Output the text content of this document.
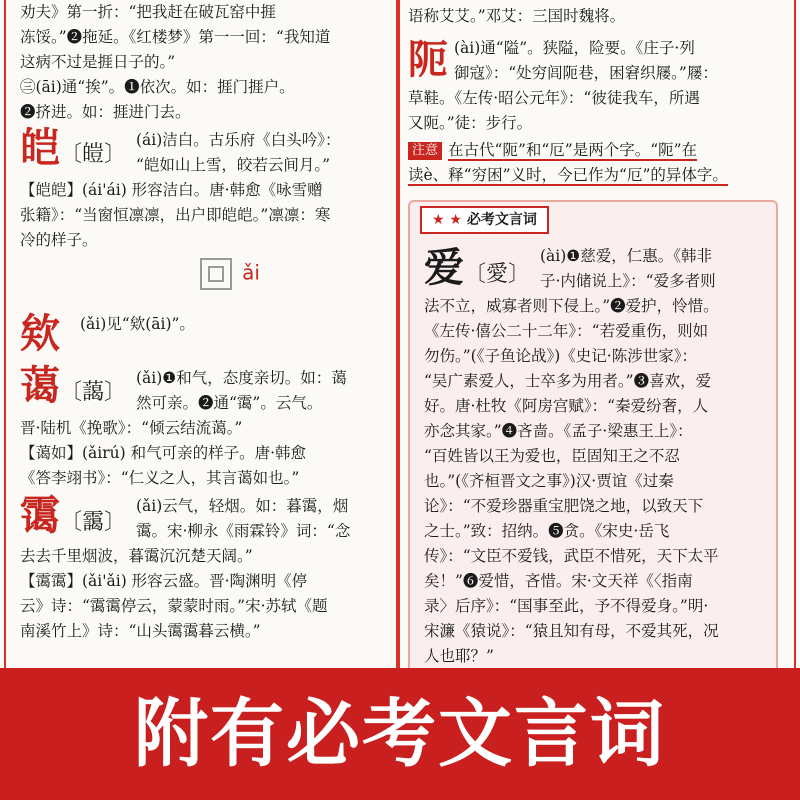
劝夫》第一折：“把我赶在破瓦窑中捱
冻馁。”❷拖延。《红楼梦》第一一回：“我知道
这病不过是捱日子的。”
㊂(āi)通“挨”。❶依次。如：捱门捱户。
❷挤进。如：捱进门去。
皑〔皚〕
(ái)洁白。古乐府《白头吟》：
“皑如山上雪，皎若云间月。”
【皑皑】(ái'ái) 形容洁白。唐·韩愈《咏雪赠
张籍》：“当窗恒凛凛，出户即皑皑。”凛凛：寒
冷的样子。
ǎi
欸 (ǎi)见“欸(āi)”。
蔼〔藹〕
(ǎi)❶和气，态度亲切。如：蔼
然可亲。❷通“霭”。云气。
晋·陆机《挽歌》：“倾云结流蔼。”
【蔼如】(ǎirú) 和气可亲的样子。唐·韩愈
《答李翊书》：“仁义之人，其言蔼如也。”
霭〔靄〕
(ǎi)云气，轻烟。如：暮霭，烟
霭。宋·柳永《雨霖铃》词：“念
去去千里烟波，暮霭沉沉楚天阔。”
【霭霭】(ǎi'ǎi) 形容云盛。晋·陶渊明《停
云》诗：“霭霭停云，蒙蒙时雨。”宋·苏轼《题
南溪竹上》诗：“山头霭霭暮云横。”
语称艾艾。”邓艾：三国时魏将。
阨 (ài)通“隘”。狭隘，险要。《庄子·列
御寇》：“处穷闾阨巷，困窘织屦。”屦：
草鞋。《左传·昭公元年》：“彼徒我车，所遇
又阨。”徒：步行。
注意 在古代“阨”和“厄”是两个字。“阨”在
读è、释“穷困”义时，今已作为“厄”的异体字。
★ ★ 必考文言词
爱〔愛〕
(ài)❶慈爱，仁惠。《韩非
子·内储说上》：“爱多者则
法不立，威寡者则下侵上。”❷爱护，怜惜。
《左传·僖公二十二年》：“若爱重伤，则如
勿伤。”(《子鱼论战》)《史记·陈涉世家》：
“吴广素爱人，士卒多为用者。”❸喜欢，爱
好。唐·杜牧《阿房宫赋》：“秦爱纷奢，人
亦念其家。”❹吝啬。《孟子·梁惠王上》：
“百姓皆以王为爱也，臣固知王之不忍
也。”(《齐桓晋文之事》)汉·贾谊《过秦
论》：“不爱珍器重宝肥饶之地，以致天下
之士。”致：招纳。❺贪。《宋史·岳飞
传》：“文臣不爱钱，武臣不惜死，天下太平
矣！”❻爱惜，吝惜。宋·文天祥《〈指南
录〉后序》：“国事至此，予不得爱身。”明·
宋濂《猿说》：“猿且知有母，不爱其死，况
人也耶？”
附有必考文言词
